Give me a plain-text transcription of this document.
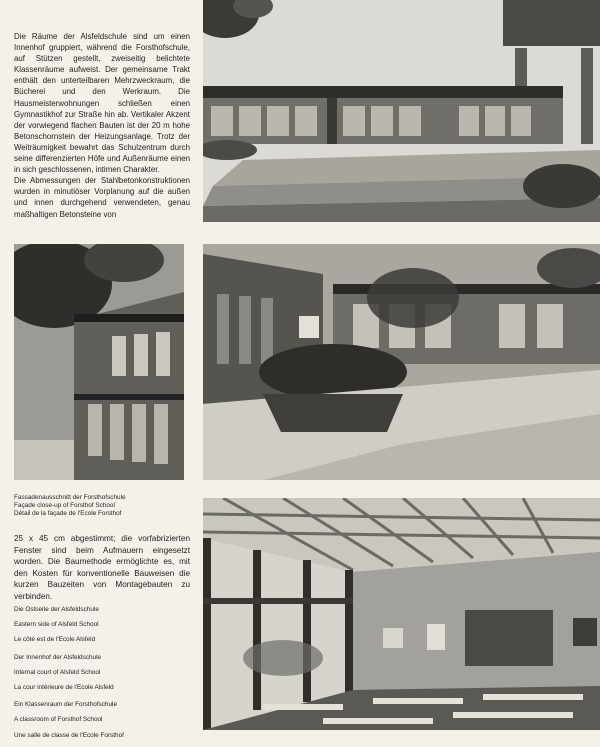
Die Räume der Alsfeldschule sind um einen Innenhof gruppiert, während die Forsthofschule, auf Stützen gestellt, zweiseitig belichtete Klassenräume aufweist. Der gemeinsame Trakt enthält den unterteilbaren Mehrzweckraum, die Bücherei und den Werkraum. Die Hausmeisterwohnungen schließen einen Gymnastikhof zur Straße hin ab. Vertikaler Akzent der vorwiegend flachen Bauten ist der 20 m hohe Betonschornstein der Heizungsanlage. Trotz der Weiträumigkeit bewahrt das Schulzentrum durch seine differenzierten Höfe und Außenräume einen in sich geschlossenen, intimen Charakter.

Die Abmessungen der Stahlbetonkonstruktionen wurden in minutiöser Vorplanung auf die außen und innen durchgehend verwendeten, genau maßhaltigen Betonsteine von

Fassadenausschnitt der Forsthofschule

Façade close-up of Forsthof School

Détail de la façade de l'Ecole Forsthof

25 x 45 cm abgestimmt; die vorfabrizierten Fenster sind beim Aufmauern eingesetzt worden. Die Baumethode ermöglichte es, mit den Kosten für konventionelle Bauweisen die kurzen Bauzeiten von Montagebauten zu verbinden.

Die Ostseite der Alsfeldschule

Eastern side of Alsfeld School

Le côté est de l'Ecole Alsfeld

Der Innenhof der Alsfeldschule

Internal court of Alsfeld School

La cour intérieure de l'Ecole Alsfeld

Ein Klassenraum der Forsthofschule

A classroom of Forsthof School

Une salle de classe de l'Ecole Forsthof
